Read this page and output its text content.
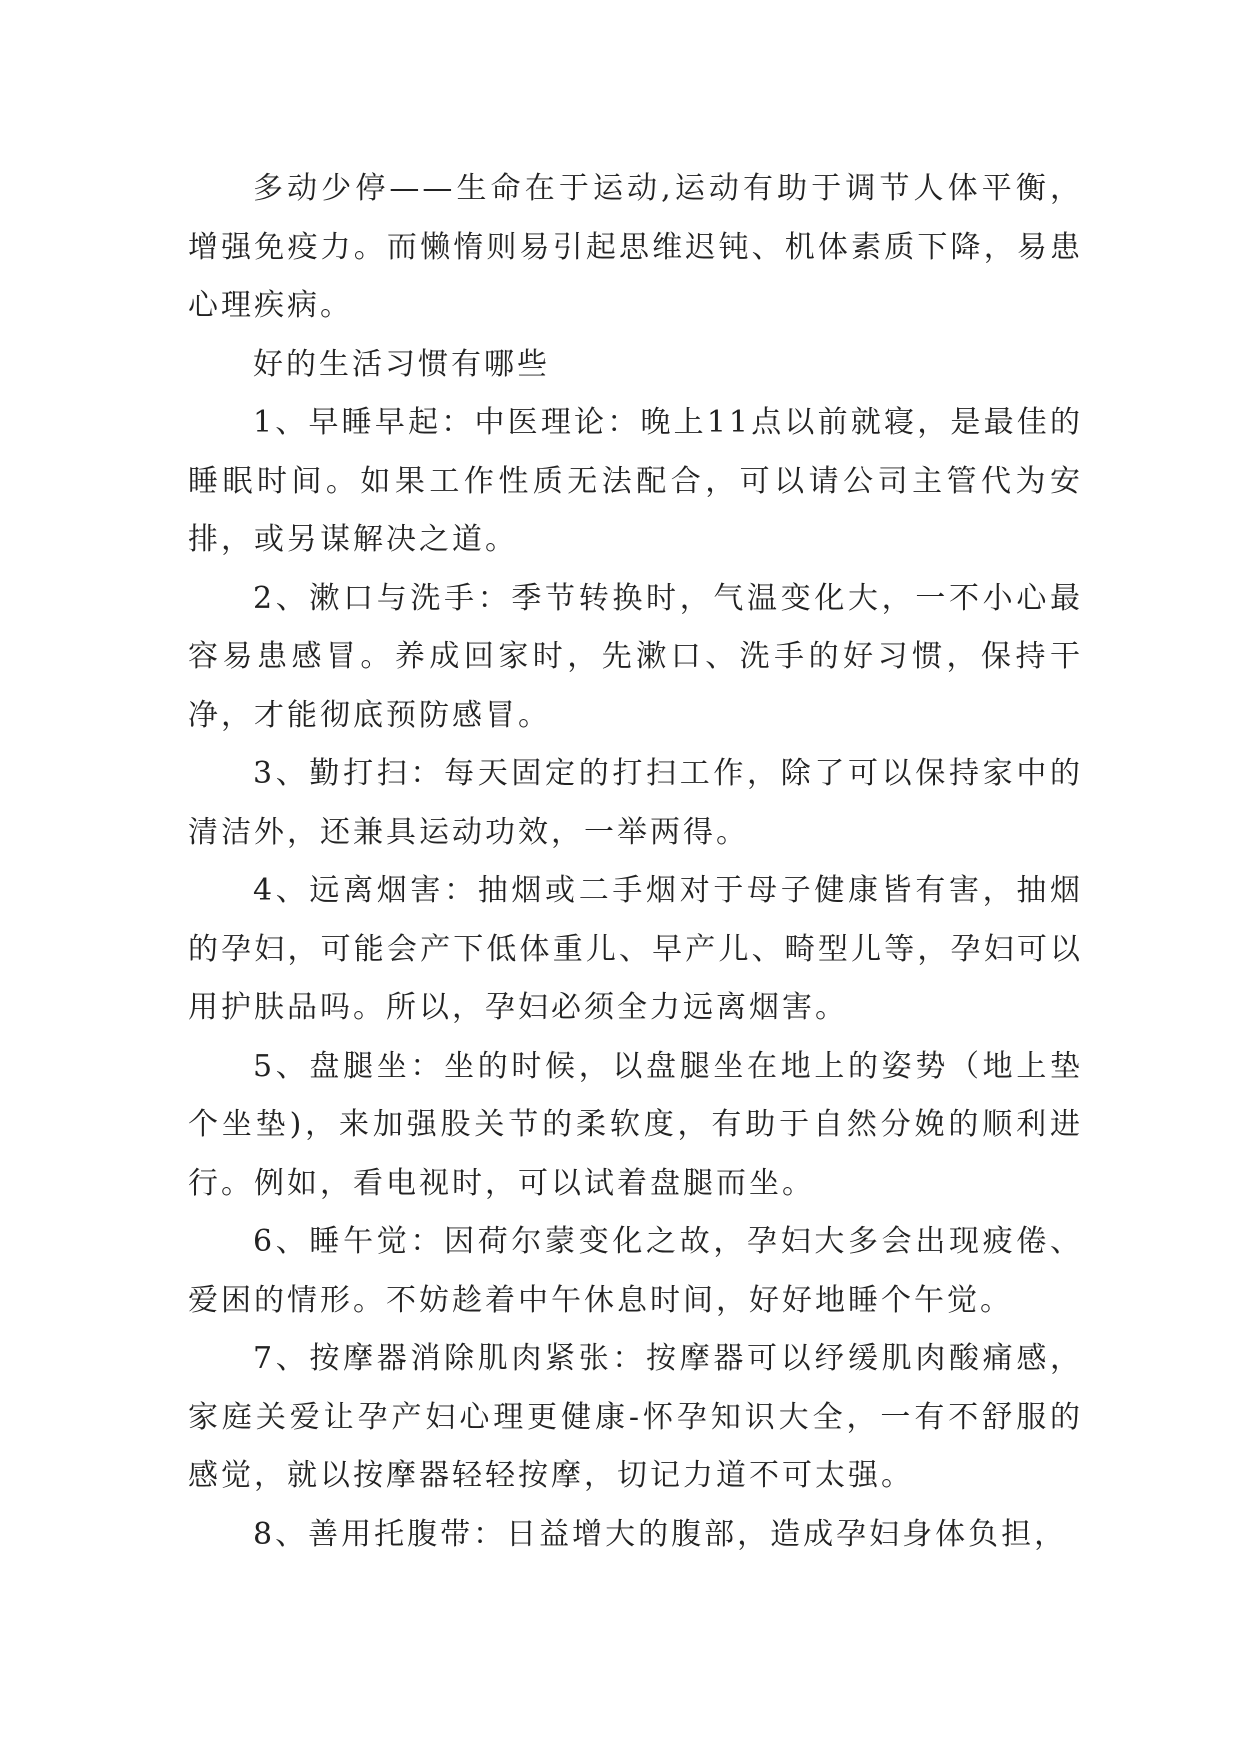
多动少停——生命在于运动,运动有助于调节人体平衡，增强免疫力。而懒惰则易引起思维迟钝、机体素质下降，易患心理疾病。

好的生活习惯有哪些

1、早睡早起：中医理论：晚上11点以前就寝，是最佳的睡眠时间。如果工作性质无法配合，可以请公司主管代为安排，或另谋解决之道。

2、漱口与洗手：季节转换时，气温变化大，一不小心最容易患感冒。养成回家时，先漱口、洗手的好习惯，保持干净，才能彻底预防感冒。

3、勤打扫：每天固定的打扫工作，除了可以保持家中的清洁外，还兼具运动功效，一举两得。

4、远离烟害：抽烟或二手烟对于母子健康皆有害，抽烟的孕妇，可能会产下低体重儿、早产儿、畸型儿等，孕妇可以用护肤品吗。所以，孕妇必须全力远离烟害。

5、盘腿坐：坐的时候，以盘腿坐在地上的姿势（地上垫个坐垫)，来加强股关节的柔软度，有助于自然分娩的顺利进行。例如，看电视时，可以试着盘腿而坐。

6、睡午觉：因荷尔蒙变化之故，孕妇大多会出现疲倦、爱困的情形。不妨趁着中午休息时间，好好地睡个午觉。

7、按摩器消除肌肉紧张：按摩器可以纾缓肌肉酸痛感，家庭关爱让孕产妇心理更健康-怀孕知识大全，一有不舒服的感觉，就以按摩器轻轻按摩，切记力道不可太强。

8、善用托腹带：日益增大的腹部，造成孕妇身体负担，
